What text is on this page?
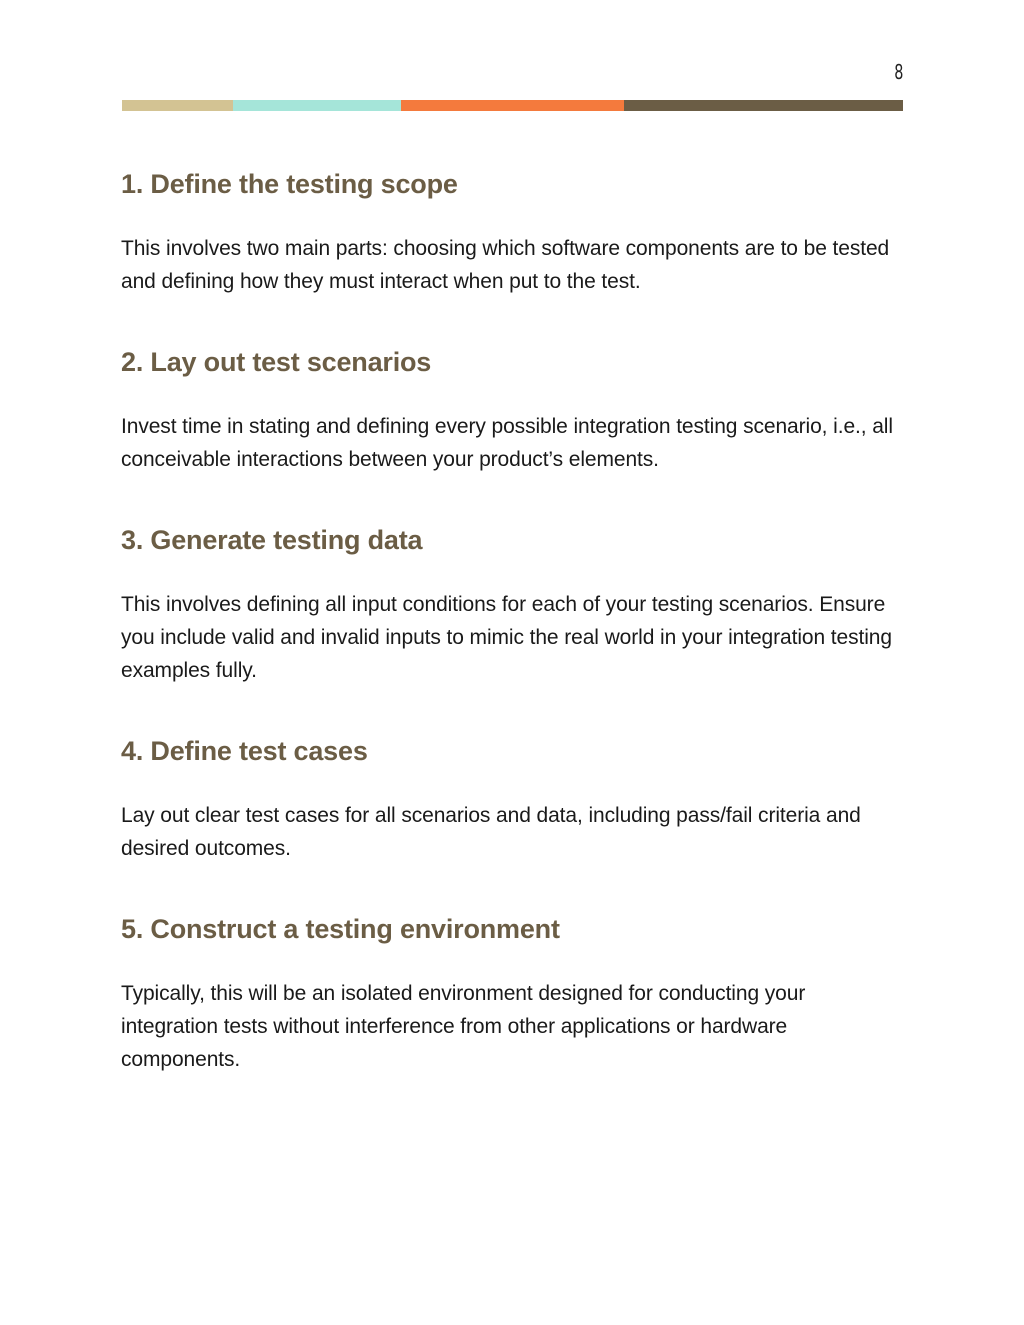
8
1. Define the testing scope

This involves two main parts: choosing which software components are to be tested and defining how they must interact when put to the test.

2. Lay out test scenarios

Invest time in stating and defining every possible integration testing scenario, i.e., all conceivable interactions between your product’s elements.

3. Generate testing data

This involves defining all input conditions for each of your testing scenarios. Ensure you include valid and invalid inputs to mimic the real world in your integration testing examples fully.

4. Define test cases

Lay out clear test cases for all scenarios and data, including pass/fail criteria and desired outcomes.

5. Construct a testing environment

Typically, this will be an isolated environment designed for conducting your integration tests without interference from other applications or hardware components.
